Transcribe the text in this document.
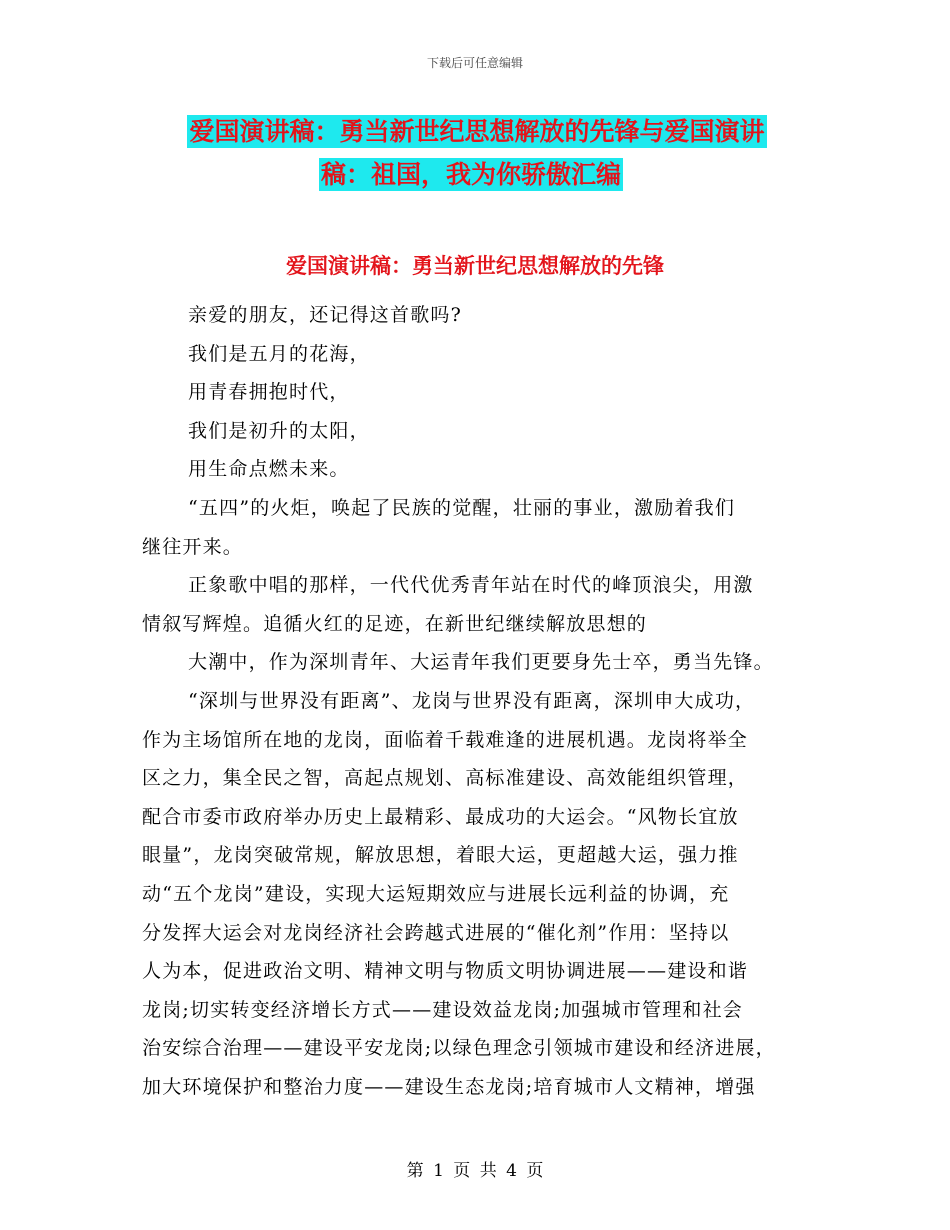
下载后可任意编辑
爱国演讲稿：勇当新世纪思想解放的先锋与爱国演讲
稿：祖国，我为你骄傲汇编
爱国演讲稿：勇当新世纪思想解放的先锋

亲爱的朋友，还记得这首歌吗?

我们是五月的花海，

用青春拥抱时代，

我们是初升的太阳，

用生命点燃未来。

“五四”的火炬，唤起了民族的觉醒，壮丽的事业，激励着我们

继往开来。

正象歌中唱的那样，一代代优秀青年站在时代的峰顶浪尖，用激

情叙写辉煌。追循火红的足迹，在新世纪继续解放思想的

大潮中，作为深圳青年、大运青年我们更要身先士卒，勇当先锋。

“深圳与世界没有距离”、龙岗与世界没有距离，深圳申大成功，

作为主场馆所在地的龙岗，面临着千载难逢的进展机遇。龙岗将举全

区之力，集全民之智，高起点规划、高标准建设、高效能组织管理，

配合市委市政府举办历史上最精彩、最成功的大运会。“风物长宜放

眼量”，龙岗突破常规，解放思想，着眼大运，更超越大运，强力推

动“五个龙岗”建设，实现大运短期效应与进展长远利益的协调，充

分发挥大运会对龙岗经济社会跨越式进展的“催化剂”作用：坚持以

人为本，促进政治文明、精神文明与物质文明协调进展——建设和谐

龙岗;切实转变经济增长方式——建设效益龙岗;加强城市管理和社会

治安综合治理——建设平安龙岗;以绿色理念引领城市建设和经济进展，

加大环境保护和整治力度——建设生态龙岗;培育城市人文精神，增强

第 1 页 共 4 页
